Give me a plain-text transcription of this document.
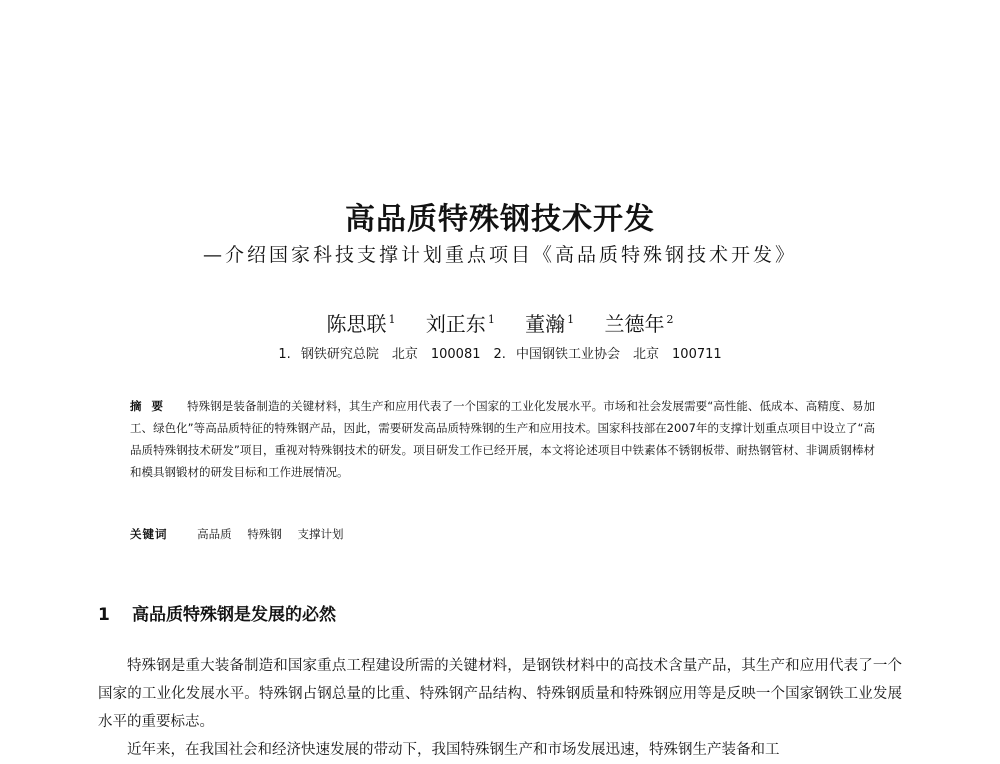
高品质特殊钢技术开发
—介绍国家科技支撑计划重点项目《高品质特殊钢技术开发》
陈思联 $^1$ 刘正东 $^1$ 董瀚 $^1$ 兰德年 $^2$
1. 钢铁研究总院　北京　100081　2. 中国钢铁工业协会　北京　100711
摘要 特殊钢是装备制造的关键材料，其生产和应用代表了一个国家的工业化发展水平。市场和社会发展需要“高性能、低成本、高精度、易加工、绿色化”等高品质特征的特殊钢产品，因此，需要研发高品质特殊钢的生产和应用技术。国家科技部在2007年的支撑计划重点项目中设立了“高品质特殊钢技术研发”项目，重视对特殊钢技术的研发。项目研发工作已经开展，本文将论述项目中铁素体不锈钢板带、耐热钢管材、非调质钢棒材和模具钢锻材的研发目标和工作进展情况。
关键词	高品质 特殊钢 支撑计划
1 高品质特殊钢是发展的必然

特殊钢是重大装备制造和国家重点工程建设所需的关键材料，是钢铁材料中的高技术含量产品，其生产和应用代表了一个国家的工业化发展水平。特殊钢占钢总量的比重、特殊钢产品结构、特殊钢质量和特殊钢应用等是反映一个国家钢铁工业发展水平的重要标志。

近年来，在我国社会和经济快速发展的带动下，我国特殊钢生产和市场发展迅速，特殊钢生产装备和工
